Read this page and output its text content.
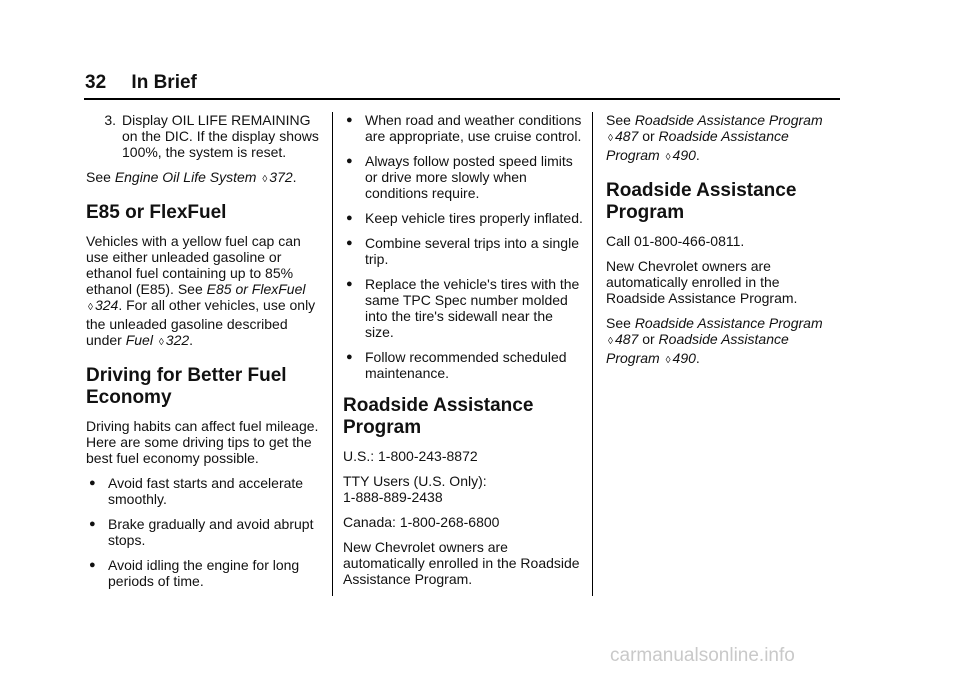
32 In Brief
3. Display OIL LIFE REMAINING on the DIC. If the display shows 100%, the system is reset.

See Engine Oil Life System ◊ 372.

E85 or FlexFuel

Vehicles with a yellow fuel cap can use either unleaded gasoline or ethanol fuel containing up to 85% ethanol (E85). See E85 or FlexFuel ◊ 324. For all other vehicles, use only the unleaded gasoline described under Fuel ◊ 322.

Driving for Better Fuel Economy

Driving habits can affect fuel mileage. Here are some driving tips to get the best fuel economy possible.

● Avoid fast starts and accelerate smoothly.
● Brake gradually and avoid abrupt stops.
● Avoid idling the engine for long periods of time.
● When road and weather conditions are appropriate, use cruise control.
● Always follow posted speed limits or drive more slowly when conditions require.
● Keep vehicle tires properly inflated.
● Combine several trips into a single trip.
● Replace the vehicle's tires with the same TPC Spec number molded into the tire's sidewall near the size.
● Follow recommended scheduled maintenance.
Roadside Assistance Program

U.S.: 1-800-243-8872

TTY Users (U.S. Only):
1-888-889-2438

Canada: 1-800-268-6800

New Chevrolet owners are automatically enrolled in the Roadside Assistance Program.

See Roadside Assistance Program ◊ 487 or Roadside Assistance Program ◊ 490.

Roadside Assistance Program

Call 01-800-466-0811.

New Chevrolet owners are automatically enrolled in the Roadside Assistance Program.

See Roadside Assistance Program ◊ 487 or Roadside Assistance Program ◊ 490.

carmanualsonline.info
